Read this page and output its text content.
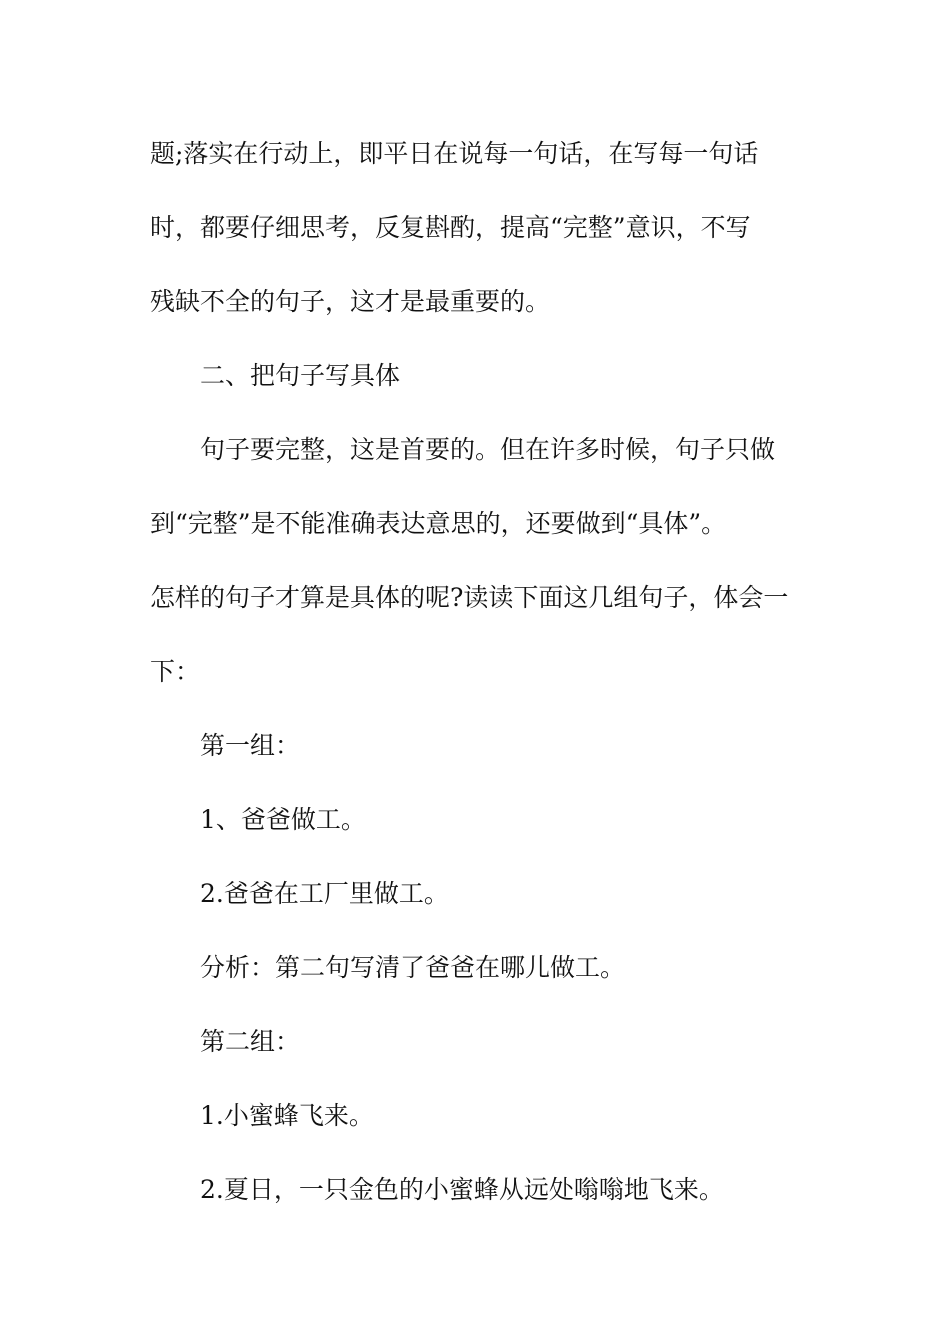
题;落实在行动上，即平日在说每一句话，在写每一句话
时，都要仔细思考，反复斟酌，提高“完整”意识，不写
残缺不全的句子，这才是最重要的。
二、把句子写具体
句子要完整，这是首要的。但在许多时候，句子只做
到“完整”是不能准确表达意思的，还要做到“具体”。
怎样的句子才算是具体的呢?读读下面这几组句子，体会一
下：
第一组：
1、爸爸做工。
2.爸爸在工厂里做工。
分析：第二句写清了爸爸在哪儿做工。
第二组：
1.小蜜蜂飞来。
2.夏日，一只金色的小蜜蜂从远处嗡嗡地飞来。
